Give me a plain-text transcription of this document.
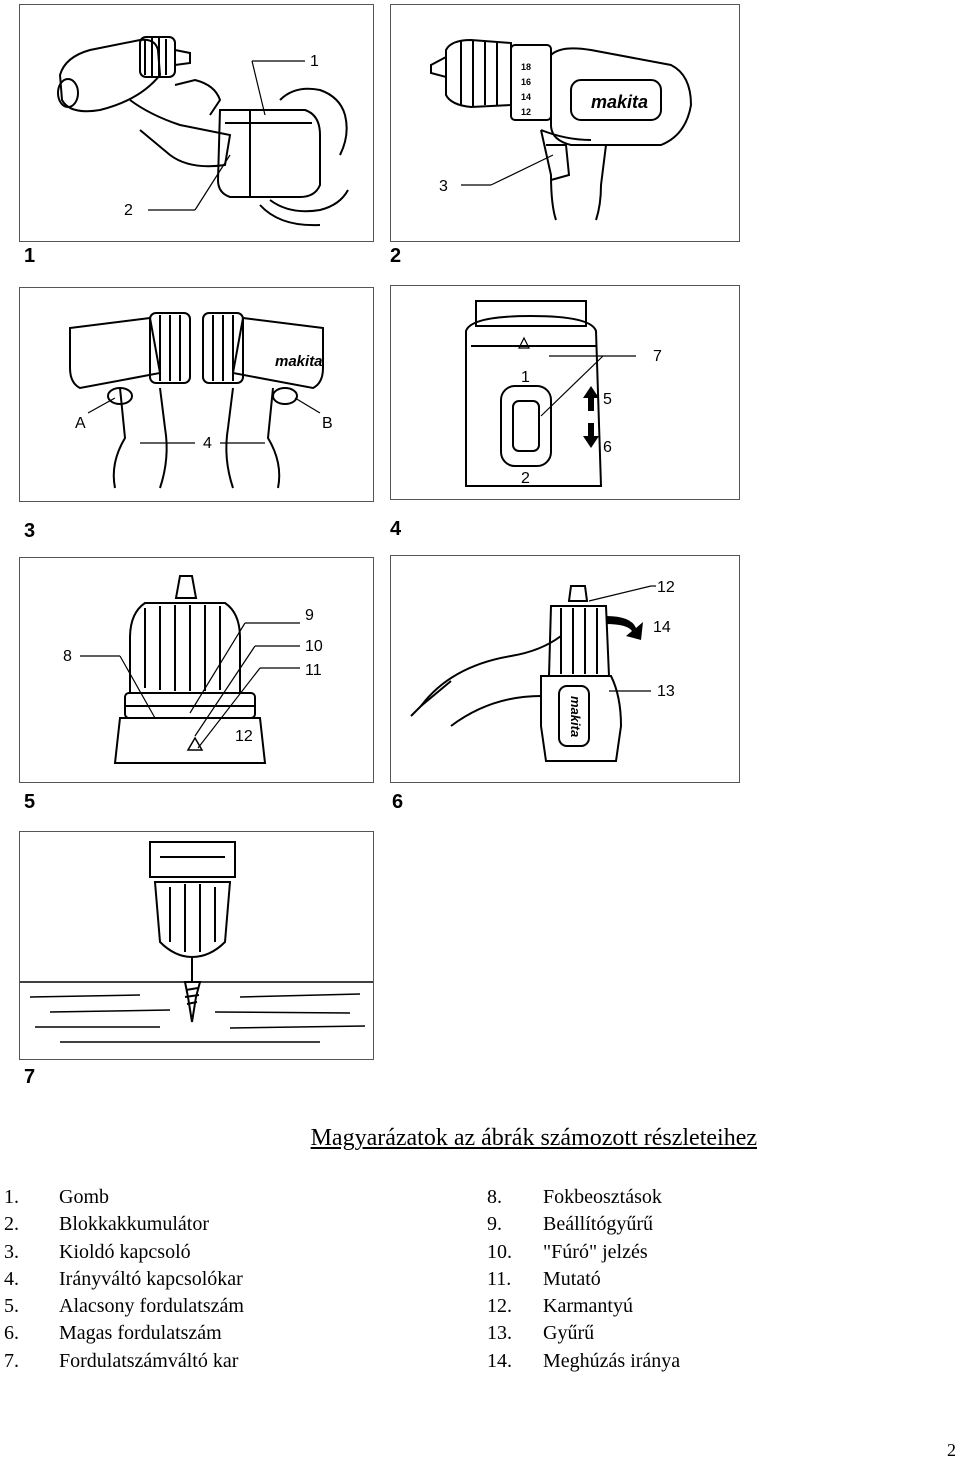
1
2
1
makita
12
14
16
18
3
2
makita
A
4
B
3
7
5
6
1
2
4
12
8
9
10
11
5
makita
12
14
13
6
7
Magyarázatok az ábrák számozott részleteihez
1. Gomb
2. Blokkakkumulátor
3. Kioldó kapcsoló
4. Irányváltó kapcsolókar
5. Alacsony fordulatszám
6. Magas fordulatszám
7. Fordulatszámváltó kar
8. Fokbeosztások
9. Beállítógyűrű
10. "Fúró" jelzés
11. Mutató
12. Karmantyú
13. Gyűrű
14. Meghúzás iránya
2
